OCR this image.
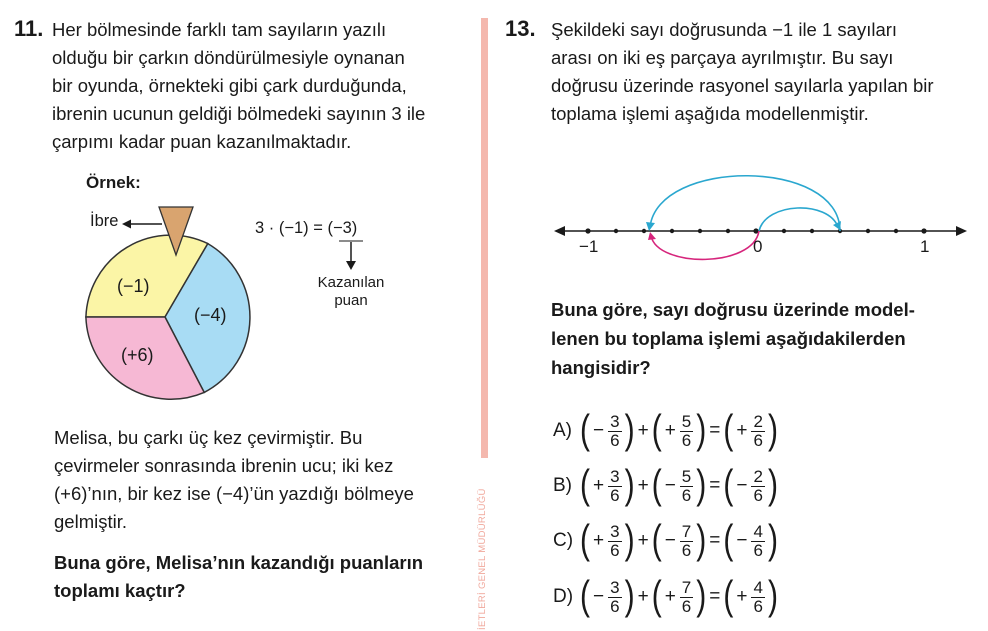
11. Her bölmesinde farklı tam sayıların yazılı
olduğu bir çarkın döndürülmesiyle oynanan
bir oyunda, örnekteki gibi çark durduğunda,
ibrenin ucunun geldiği bölmedeki sayının 3 ile
çarpımı kadar puan kazanılmaktadır.
Örnek:
(−1)
(−4)
(+6)
İbre	3 · (−1) = (−3)
Kazanılan
puan
Melisa, bu çarkı üç kez çevirmiştir. Bu
çevirmeler sonrasında ibrenin ucu; iki kez
(+6)’nın, bir kez ise (−4)’ün yazdığı bölmeye
gelmiştir.
Buna göre, Melisa’nın kazandığı puanların
toplamı kaçtır?	İETLERİ GENEL MÜDÜRLÜĞÜ
13. Şekildeki sayı doğrusunda −1 ile 1 sayıları
arası on iki eş parçaya ayrılmıştır. Bu sayı
doğrusu üzerinde rasyonel sayılarla yapılan bir
toplama işlemi aşağıda modellenmiştir.
−1	0	1
Buna göre, sayı doğrusu üzerinde model-
lenen bu toplama işlemi aşağıdakilerden
hangisidir?
A) ( − $\frac{3}{6}$ ) + ( + $\frac{5}{6}$ ) = ( + $\frac{2}{6}$ )
B) ( + $\frac{3}{6}$ ) + ( − $\frac{5}{6}$ ) = ( − $\frac{2}{6}$ )
C) ( + $\frac{3}{6}$ ) + ( − $\frac{7}{6}$ ) = ( − $\frac{4}{6}$ )
D) ( − $\frac{3}{6}$ ) + ( + $\frac{7}{6}$ ) = ( + $\frac{4}{6}$ )
